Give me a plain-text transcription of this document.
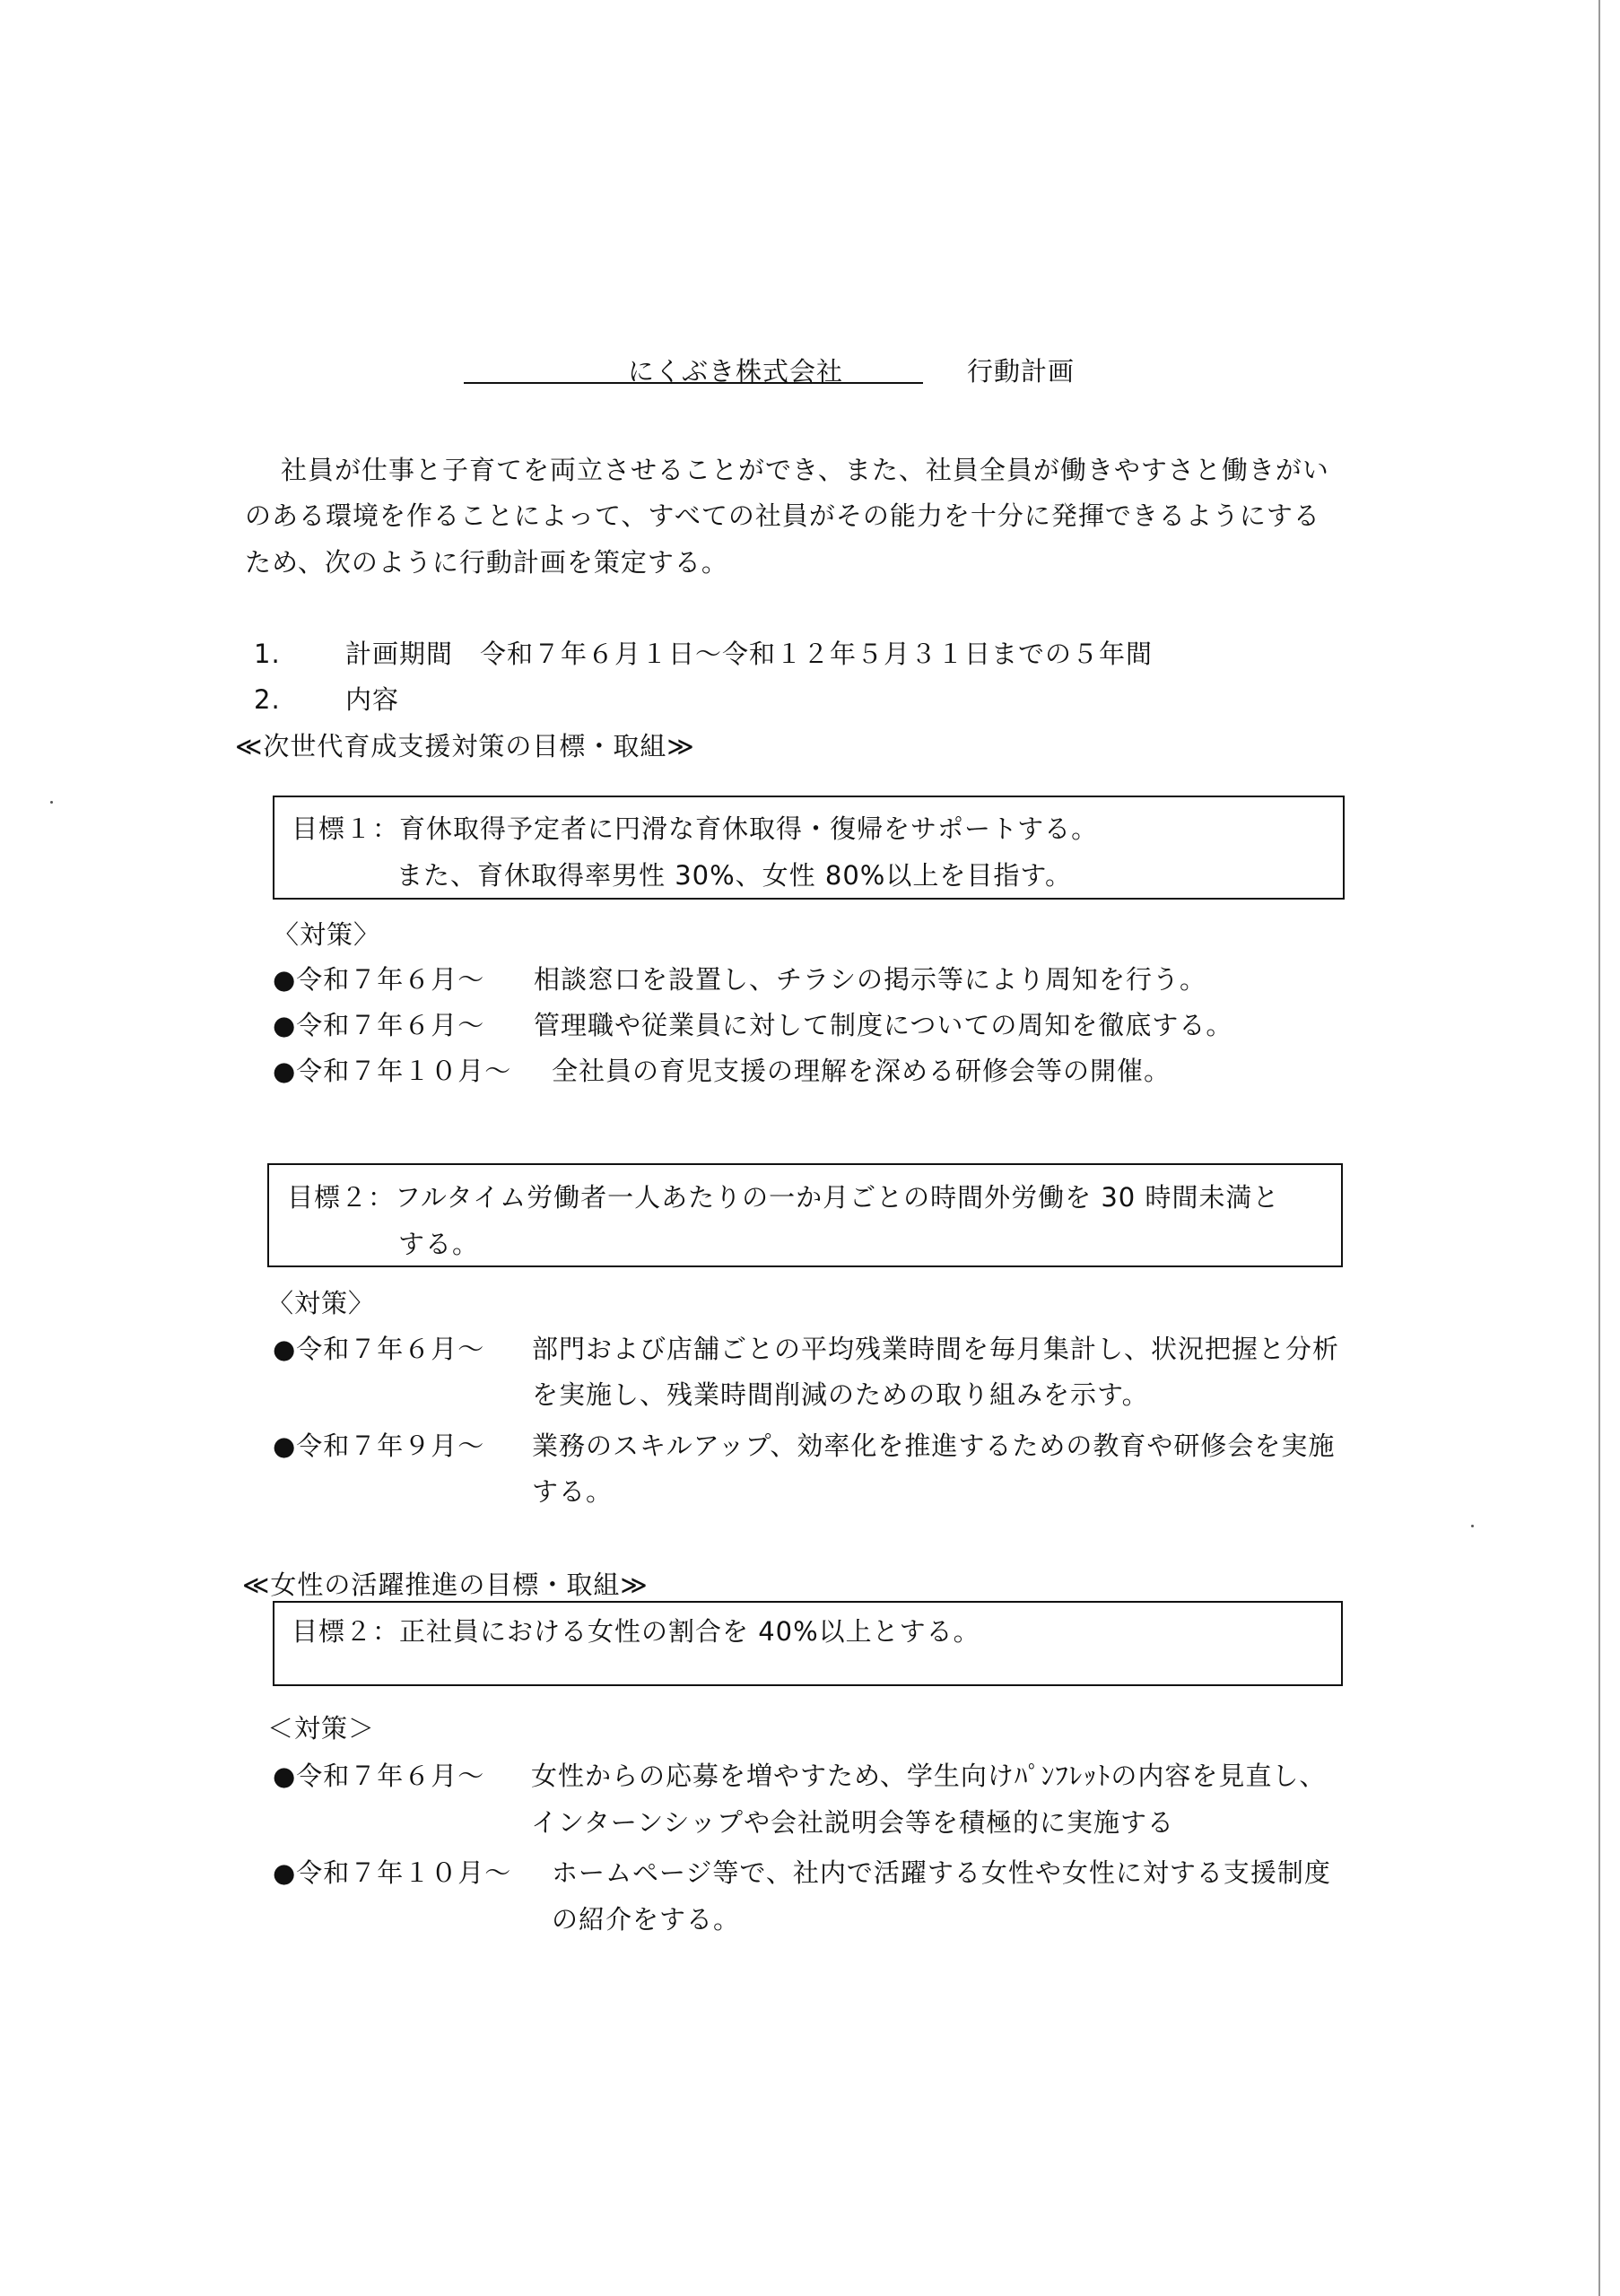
にくぶき株式会社	行動計画
社員が仕事と子育てを両立させることができ、また、社員全員が働きやすさと働きがい
のある環境を作ることによって、すべての社員がその能力を十分に発揮できるようにする
ため、次のように行動計画を策定する。
1. 計画期間　令和７年６月１日～令和１２年５月３１日までの５年間
2. 内容
≪次世代育成支援対策の目標・取組≫
目標１：育休取得予定者に円滑な育休取得・復帰をサポートする。
また、育休取得率男性 30%、女性 80%以上を目指す。
〈対策〉
●令和７年６月～ 相談窓口を設置し、チラシの掲示等により周知を行う。
●令和７年６月～ 管理職や従業員に対して制度についての周知を徹底する。
●令和７年１０月～ 全社員の育児支援の理解を深める研修会等の開催。
目標２：フルタイム労働者一人あたりの一か月ごとの時間外労働を 30 時間未満と
する。
〈対策〉
●令和７年６月～ 部門および店舗ごとの平均残業時間を毎月集計し、状況把握と分析
を実施し、残業時間削減のための取り組みを示す。
●令和７年９月～ 業務のスキルアップ、効率化を推進するための教育や研修会を実施
する。
≪女性の活躍推進の目標・取組≫
目標２：正社員における女性の割合を 40%以上とする。
＜対策＞
●令和７年６月～ 女性からの応募を増やすため、学生向けﾊﾟﾝﾌﾚｯﾄの内容を見直し、
インターンシップや会社説明会等を積極的に実施する
●令和７年１０月～ ホームページ等で、社内で活躍する女性や女性に対する支援制度
の紹介をする。
